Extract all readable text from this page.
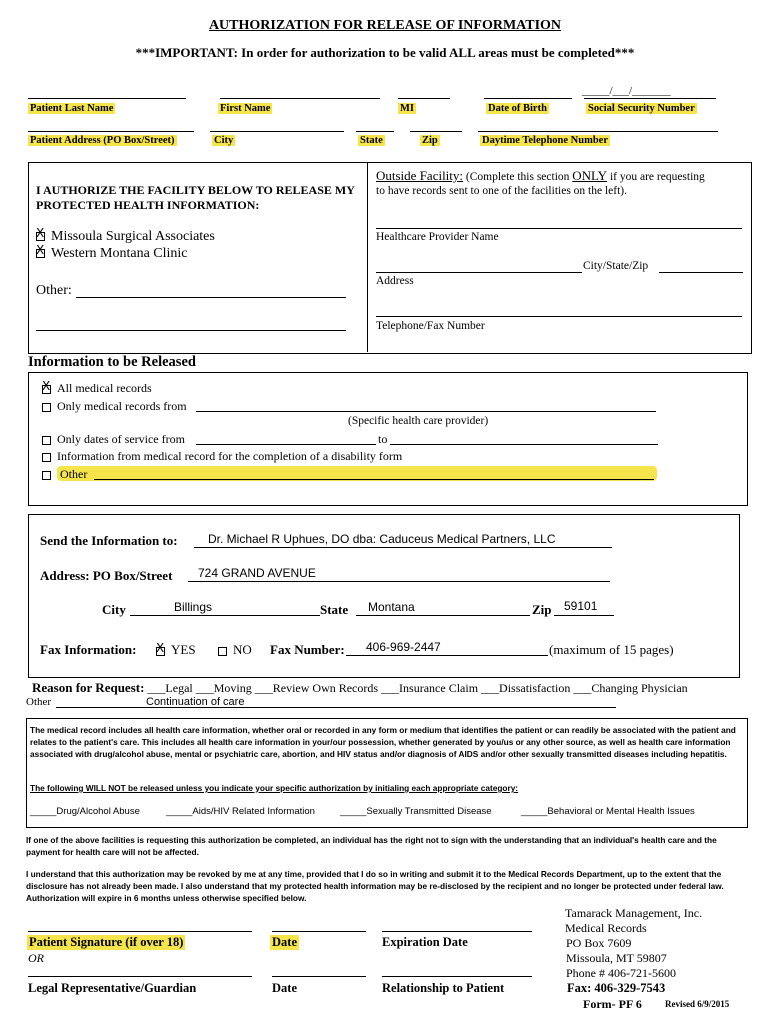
AUTHORIZATION FOR RELEASE OF INFORMATION
***IMPORTANT: In order for authorization to be valid ALL areas must be completed***
_____/___/_______
Patient Last Name	First Name	MI	Date of Birth	Social Security Number
Patient Address (PO Box/Street)	City	State	Zip	Daytime Telephone Number
I AUTHORIZE THE FACILITY BELOW TO RELEASE MY PROTECTED HEALTH INFORMATION:
XMissoula Surgical Associates
XWestern Montana Clinic
Other:
Outside Facility: (Complete this section ONLY if you are requesting
to have records sent to one of the facilities on the left).
Healthcare Provider Name
City/State/Zip
Address
Telephone/Fax Number
Information to be Released
XAll medical records
Only medical records from
(Specific health care provider)
Only dates of service from	to
Information from medical record for the completion of a disability form
Other
Send the Information to:	Dr. Michael R Uphues, DO dba: Caduceus Medical Partners, LLC
Address: PO Box/Street 724 GRAND AVENUE
City	Billings	State Montana	Zip 59101
Fax Information:
X	YES	NO Fax Number: 406-969-2447	(maximum of 15 pages)
Reason for Request: ___Legal ___Moving ___Review Own Records ___Insurance Claim ___Dissatisfaction ___Changing Physician
Other	Continuation of care
The medical record includes all health care information, whether oral or recorded in any form or medium that identifies the patient or can readily be associated with the patient and relates to the patient's care. This includes all health care information in your/our possession, whether generated by you/us or any other source, as well as health care information associated with drug/alcohol abuse, mental or psychiatric care, abortion, and HIV status and/or diagnosis of AIDS and/or other sexually transmitted diseases including hepatitis.
The following WILL NOT be released unless you indicate your specific authorization by initialing each appropriate category:
_____Drug/Alcohol Abuse	_____Aids/HIV Related Information	_____Sexually Transmitted Disease	_____Behavioral or Mental Health Issues
If one of the above facilities is requesting this authorization be completed, an individual has the right not to sign with the understanding that an individual's health care and the payment for health care will not be affected.
I understand that this authorization may be revoked by me at any time, provided that I do so in writing and submit it to the Medical Records Department, up to the extent that the disclosure has not already been made. I also understand that my protected health information may be re-disclosed by the recipient and no longer be protected under federal law. Authorization will expire in 6 months unless otherwise specified below.
Patient Signature (if over 18)	Date	Expiration Date
OR
Legal Representative/Guardian	Date	Relationship to Patient
Tamarack Management, Inc.
Medical Records
PO Box 7609
Missoula, MT 59807
Phone # 406-721-5600
Fax: 406-329-7543
Form- PF 6	Revised 6/9/2015
